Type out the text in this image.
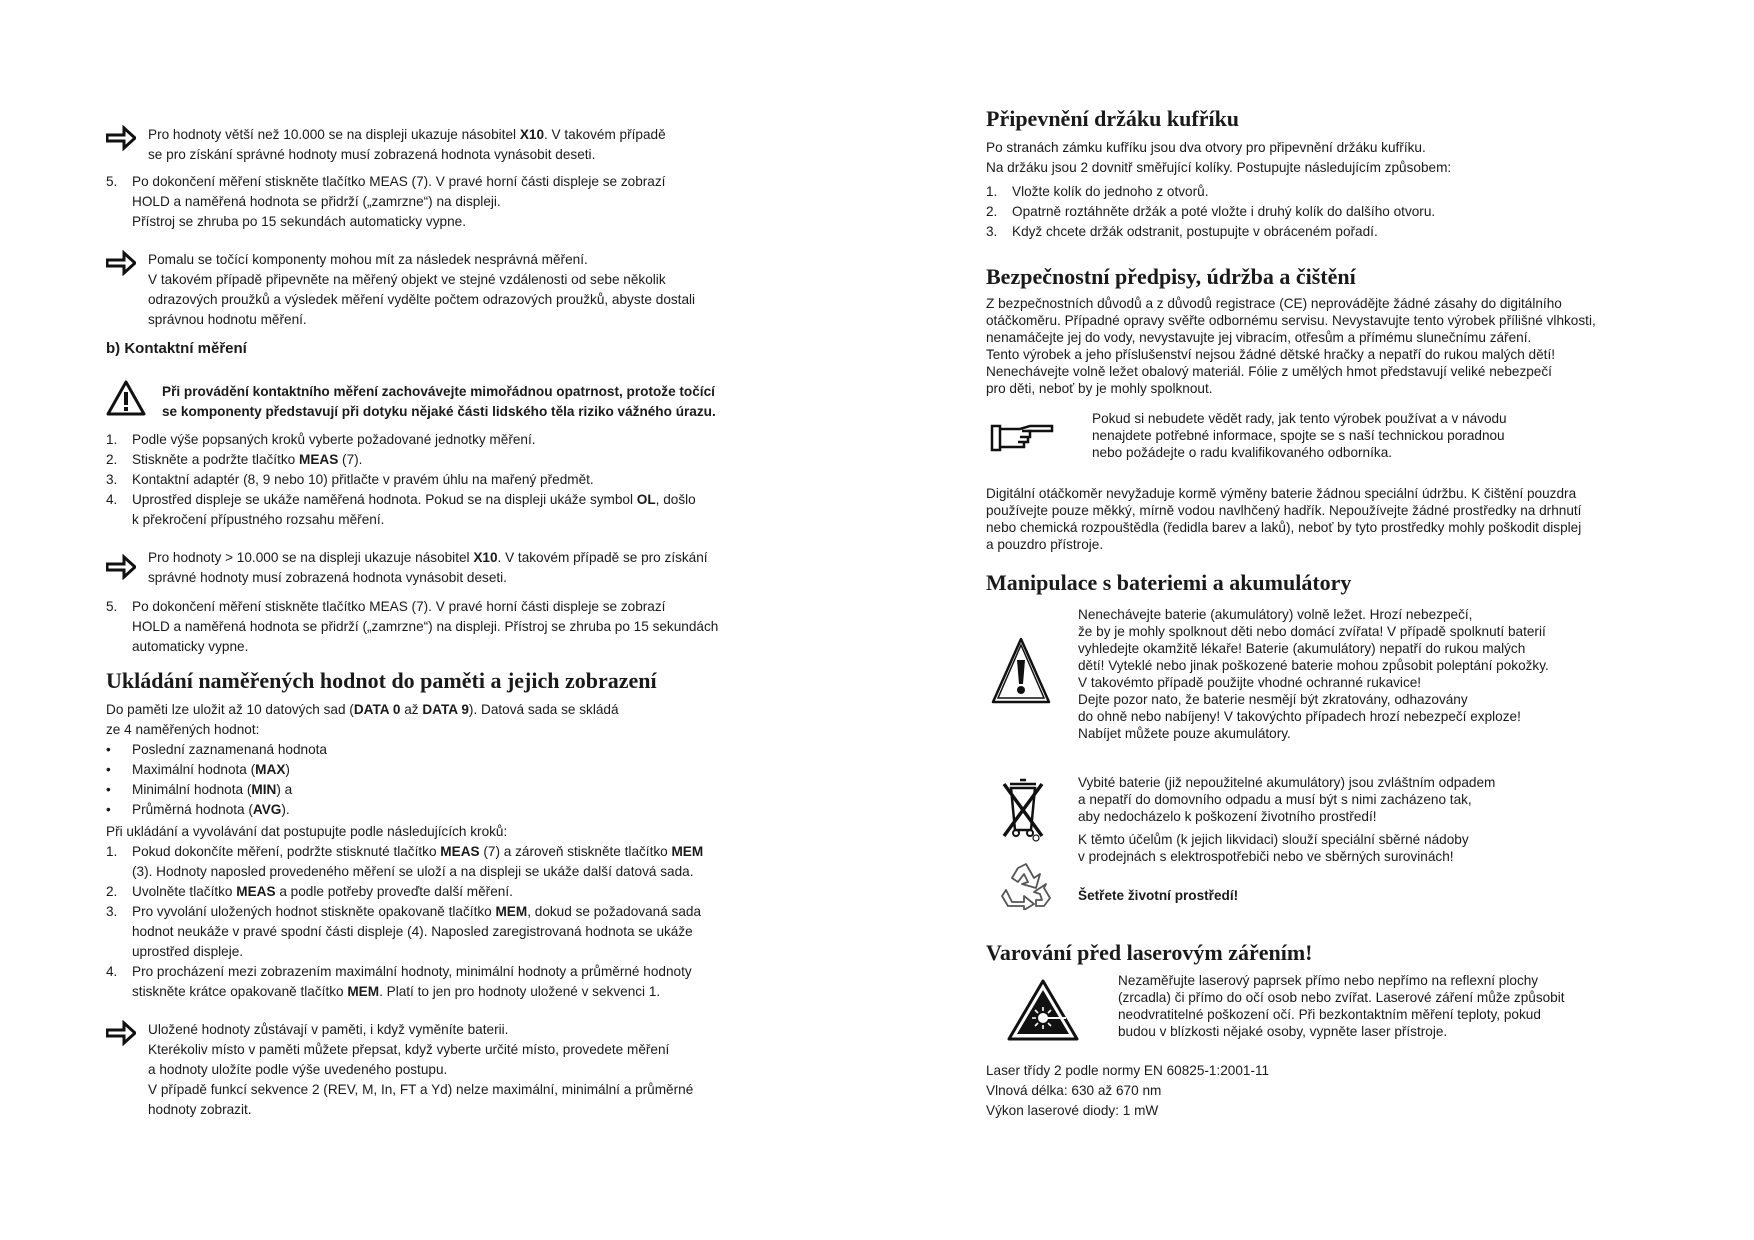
Pro hodnoty větší než 10.000 se na displeji ukazuje násobitel X10. V takovém případě
se pro získání správné hodnoty musí zobrazená hodnota vynásobit deseti.
5. Po dokončení měření stiskněte tlačítko MEAS (7). V pravé horní části displeje se zobrazí
HOLD a naměřená hodnota se přidrží („zamrzne“) na displeji.
Přístroj se zhruba po 15 sekundách automaticky vypne.
Pomalu se točící komponenty mohou mít za následek nesprávná měření.
V takovém případě připevněte na měřený objekt ve stejné vzdálenosti od sebe několik
odrazových proužků a výsledek měření vydělte počtem odrazových proužků, abyste dostali
správnou hodnotu měření.
b) Kontaktní měření
Při provádění kontaktního měření zachovávejte mimořádnou opatrnost, protože točící
se komponenty představují při dotyku nějaké části lidského těla riziko vážného úrazu.
1. Podle výše popsaných kroků vyberte požadované jednotky měření.
2. Stiskněte a podržte tlačítko MEAS (7).
3. Kontaktní adaptér (8, 9 nebo 10) přitlačte v pravém úhlu na mařený předmět.
4. Uprostřed displeje se ukáže naměřená hodnota. Pokud se na displeji ukáže symbol OL, došlo
k překročení přípustného rozsahu měření.
Pro hodnoty > 10.000 se na displeji ukazuje násobitel X10. V takovém případě se pro získání
správné hodnoty musí zobrazená hodnota vynásobit deseti.
5. Po dokončení měření stiskněte tlačítko MEAS (7). V pravé horní části displeje se zobrazí
HOLD a naměřená hodnota se přidrží („zamrzne“) na displeji. Přístroj se zhruba po 15 sekundách
automaticky vypne.
Ukládání naměřených hodnot do paměti a jejich zobrazení
Do paměti lze uložit až 10 datových sad (DATA 0 až DATA 9). Datová sada se skládá
ze 4 naměřených hodnot:
• Poslední zaznamenaná hodnota
• Maximální hodnota (MAX)
• Minimální hodnota (MIN) a
• Průměrná hodnota (AVG).
Při ukládání a vyvolávání dat postupujte podle následujících kroků:
1. Pokud dokončíte měření, podržte stisknuté tlačítko MEAS (7) a zároveň stiskněte tlačítko MEM
(3). Hodnoty naposled provedeného měření se uloží a na displeji se ukáže další datová sada.
2. Uvolněte tlačítko MEAS a podle potřeby proveďte další měření.
3. Pro vyvolání uložených hodnot stiskněte opakovaně tlačítko MEM, dokud se požadovaná sada
hodnot neukáže v pravé spodní části displeje (4). Naposled zaregistrovaná hodnota se ukáže
uprostřed displeje.
4. Pro procházení mezi zobrazením maximální hodnoty, minimální hodnoty a průměrné hodnoty
stiskněte krátce opakovaně tlačítko MEM. Platí to jen pro hodnoty uložené v sekvenci 1.
Uložené hodnoty zůstávají v paměti, i když vyměníte baterii.
Kterékoliv místo v paměti můžete přepsat, když vyberte určité místo, provedete měření
a hodnoty uložíte podle výše uvedeného postupu.
V případě funkcí sekvence 2 (REV, M, In, FT a Yd) nelze maximální, minimální a průměrné
hodnoty zobrazit.
Připevnění držáku kufříku
Po stranách zámku kufříku jsou dva otvory pro připevnění držáku kufříku.
Na držáku jsou 2 dovnitř směřující kolíky. Postupujte následujícím způsobem:
1. Vložte kolík do jednoho z otvorů.
2. Opatrně roztáhněte držák a poté vložte i druhý kolík do dalšího otvoru.
3. Když chcete držák odstranit, postupujte v obráceném pořadí.
Bezpečnostní předpisy, údržba a čištění
Z bezpečnostních důvodů a z důvodů registrace (CE) neprovádějte žádné zásahy do digitálního
otáčkoměru. Případné opravy svěřte odbornému servisu. Nevystavujte tento výrobek přílišné vlhkosti,
nenamáčejte jej do vody, nevystavujte jej vibracím, otřesům a přímému slunečnímu záření.
Tento výrobek a jeho příslušenství nejsou žádné dětské hračky a nepatří do rukou malých dětí!
Nenechávejte volně ležet obalový materiál. Fólie z umělých hmot představují veliké nebezpečí
pro děti, neboť by je mohly spolknout.
Pokud si nebudete vědět rady, jak tento výrobek používat a v návodu
nenajdete potřebné informace, spojte se s naší technickou poradnou
nebo požádejte o radu kvalifikovaného odborníka.
Digitální otáčkoměr nevyžaduje kormě výměny baterie žádnou speciální údržbu. K čištění pouzdra
používejte pouze měkký, mírně vodou navlhčený hadřík. Nepoužívejte žádné prostředky na drhnutí
nebo chemická rozpouštědla (ředidla barev a laků), neboť by tyto prostředky mohly poškodit displej
a pouzdro přístroje.
Manipulace s bateriemi a akumulátory
Nenechávejte baterie (akumulátory) volně ležet. Hrozí nebezpečí,
že by je mohly spolknout děti nebo domácí zvířata! V případě spolknutí baterií
vyhledejte okamžitě lékaře! Baterie (akumulátory) nepatří do rukou malých
dětí! Vyteklé nebo jinak poškozené baterie mohou způsobit poleptání pokožky.
V takovémto případě použijte vhodné ochranné rukavice!
Dejte pozor nato, že baterie nesmějí být zkratovány, odhazovány
do ohně nebo nabíjeny! V takovýchto případech hrozí nebezpečí exploze!
Nabíjet můžete pouze akumulátory.
Vybité baterie (již nepoužitelné akumulátory) jsou zvláštním odpadem
a nepatří do domovního odpadu a musí být s nimi zacházeno tak,
aby nedocházelo k poškození životního prostředí!
K těmto účelům (k jejich likvidaci) slouží speciální sběrné nádoby
v prodejnách s elektrospotřebiči nebo ve sběrných surovinách!
Šetřete životní prostředí!
Varování před laserovým zářením!
Nezaměřujte laserový paprsek přímo nebo nepřímo na reflexní plochy
(zrcadla) či přímo do očí osob nebo zvířat. Laserové záření může způsobit
neodvratitelné poškození očí. Při bezkontaktním měření teploty, pokud
budou v blízkosti nějaké osoby, vypněte laser přístroje.
Laser třídy 2 podle normy EN 60825-1:2001-11
Vlnová délka: 630 až 670 nm
Výkon laserové diody: 1 mW
